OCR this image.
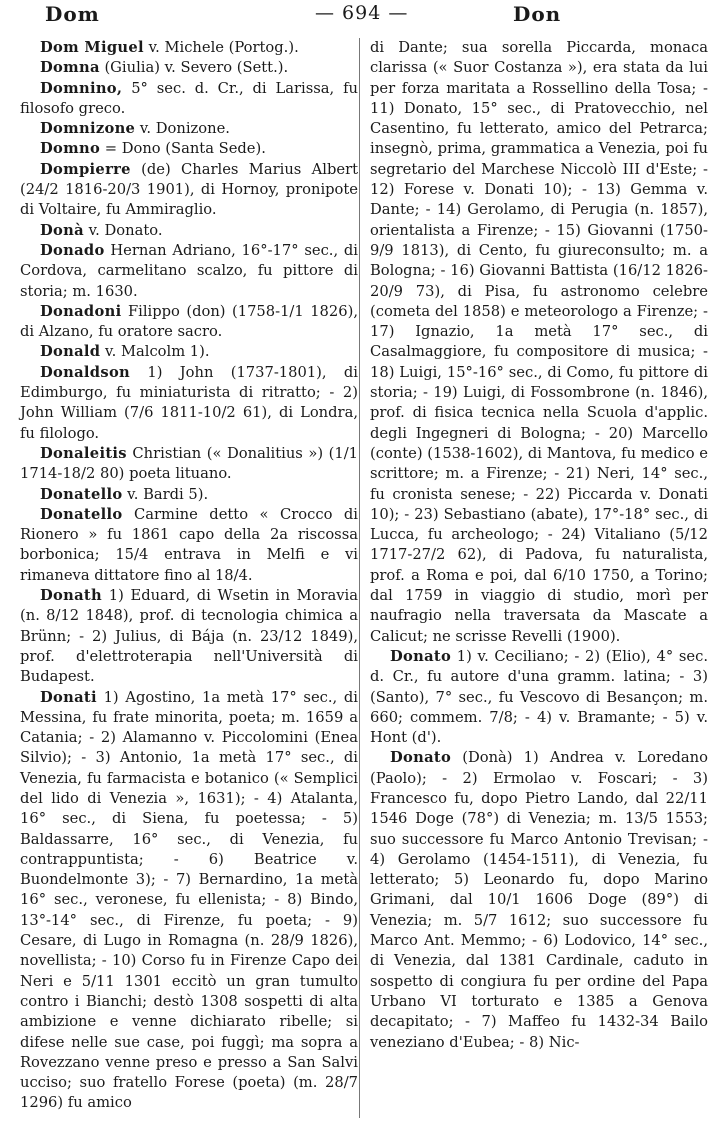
Dom	— 694 —	Don

Dom Miguel v. Michele (Portog.).

Domna (Giulia) v. Severo (Sett.).

Domnino, 5° sec. d. Cr., di Larissa, fu filosofo greco.

Domnizone v. Donizone.

Domno = Dono (Santa Sede).

Dompierre (de) Charles Marius Albert (24/2 1816-20/3 1901), di Hornoy, pronipote di Voltaire, fu Ammiraglio.

Donà v. Donato.

Donado Hernan Adriano, 16°-17° sec., di Cordova, carmelitano scalzo, fu pittore di storia; m. 1630.

Donadoni Filippo (don) (1758-1/1 1826), di Alzano, fu oratore sacro.

Donald v. Malcolm 1).

Donaldson 1) John (1737-1801), di Edimburgo, fu miniaturista di ritratto; - 2) John William (7/6 1811-10/2 61), di Londra, fu filologo.

Donaleitis Christian (« Donalitius ») (1/1 1714-18/2 80) poeta lituano.

Donatello v. Bardi 5).

Donatello Carmine detto « Crocco di Rionero » fu 1861 capo della 2a riscossa borbonica; 15/4 entrava in Melfi e vi rimaneva dittatore fino al 18/4.

Donath 1) Eduard, di Wsetin in Moravia (n. 8/12 1848), prof. di tecnologia chimica a Brünn; - 2) Julius, di Bája (n. 23/12 1849), prof. d'elettroterapia nell'Università di Budapest.

Donati 1) Agostino, 1a metà 17° sec., di Messina, fu frate minorita, poeta; m. 1659 a Catania; - 2) Alamanno v. Piccolomini (Enea Silvio); - 3) Antonio, 1a metà 17° sec., di Venezia, fu farmacista e botanico (« Semplici del lido di Venezia », 1631); - 4) Atalanta, 16° sec., di Siena, fu poetessa; - 5) Baldassarre, 16° sec., di Venezia, fu contrappuntista; - 6) Beatrice v. Buondelmonte 3); - 7) Bernardino, 1a metà 16° sec., veronese, fu ellenista; - 8) Bindo, 13°-14° sec., di Firenze, fu poeta; - 9) Cesare, di Lugo in Romagna (n. 28/9 1826), novellista; - 10) Corso fu in Firenze Capo dei Neri e 5/11 1301 eccitò un gran tumulto contro i Bianchi; destò 1308 sospetti di alta ambizione e venne dichiarato ribelle; si difese nelle sue case, poi fuggì; ma sopra a Rovezzano venne preso e presso a San Salvi ucciso; suo fratello Forese (poeta) (m. 28/7 1296) fu amico

di Dante; sua sorella Piccarda, monaca clarissa (« Suor Costanza »), era stata da lui per forza maritata a Rossellino della Tosa; - 11) Donato, 15° sec., di Pratovecchio, nel Casentino, fu letterato, amico del Petrarca; insegnò, prima, grammatica a Venezia, poi fu segretario del Marchese Niccolò III d'Este; - 12) Forese v. Donati 10); - 13) Gemma v. Dante; - 14) Gerolamo, di Perugia (n. 1857), orientalista a Firenze; - 15) Giovanni (1750-9/9 1813), di Cento, fu giureconsulto; m. a Bologna; - 16) Giovanni Battista (16/12 1826-20/9 73), di Pisa, fu astronomo celebre (cometa del 1858) e meteorologo a Firenze; - 17) Ignazio, 1a metà 17° sec., di Casalmaggiore, fu compositore di musica; - 18) Luigi, 15°-16° sec., di Como, fu pittore di storia; - 19) Luigi, di Fossombrone (n. 1846), prof. di fisica tecnica nella Scuola d'applic. degli Ingegneri di Bologna; - 20) Marcello (conte) (1538-1602), di Mantova, fu medico e scrittore; m. a Firenze; - 21) Neri, 14° sec., fu cronista senese; - 22) Piccarda v. Donati 10); - 23) Sebastiano (abate), 17°-18° sec., di Lucca, fu archeologo; - 24) Vitaliano (5/12 1717-27/2 62), di Padova, fu naturalista, prof. a Roma e poi, dal 6/10 1750, a Torino; dal 1759 in viaggio di studio, morì per naufragio nella traversata da Mascate a Calicut; ne scrisse Revelli (1900).

Donato 1) v. Ceciliano; - 2) (Elio), 4° sec. d. Cr., fu autore d'una gramm. latina; - 3) (Santo), 7° sec., fu Vescovo di Besançon; m. 660; commem. 7/8; - 4) v. Bramante; - 5) v. Hont (d').

Donato (Donà) 1) Andrea v. Loredano (Paolo); - 2) Ermolao v. Foscari; - 3) Francesco fu, dopo Pietro Lando, dal 22/11 1546 Doge (78°) di Venezia; m. 13/5 1553; suo successore fu Marco Antonio Trevisan; - 4) Gerolamo (1454-1511), di Venezia, fu letterato; 5) Leonardo fu, dopo Marino Grimani, dal 10/1 1606 Doge (89°) di Venezia; m. 5/7 1612; suo successore fu Marco Ant. Memmo; - 6) Lodovico, 14° sec., di Venezia, dal 1381 Cardinale, caduto in sospetto di congiura fu per ordine del Papa Urbano VI torturato e 1385 a Genova decapitato; - 7) Maffeo fu 1432-34 Bailo veneziano d'Eubea; - 8) Nic-
